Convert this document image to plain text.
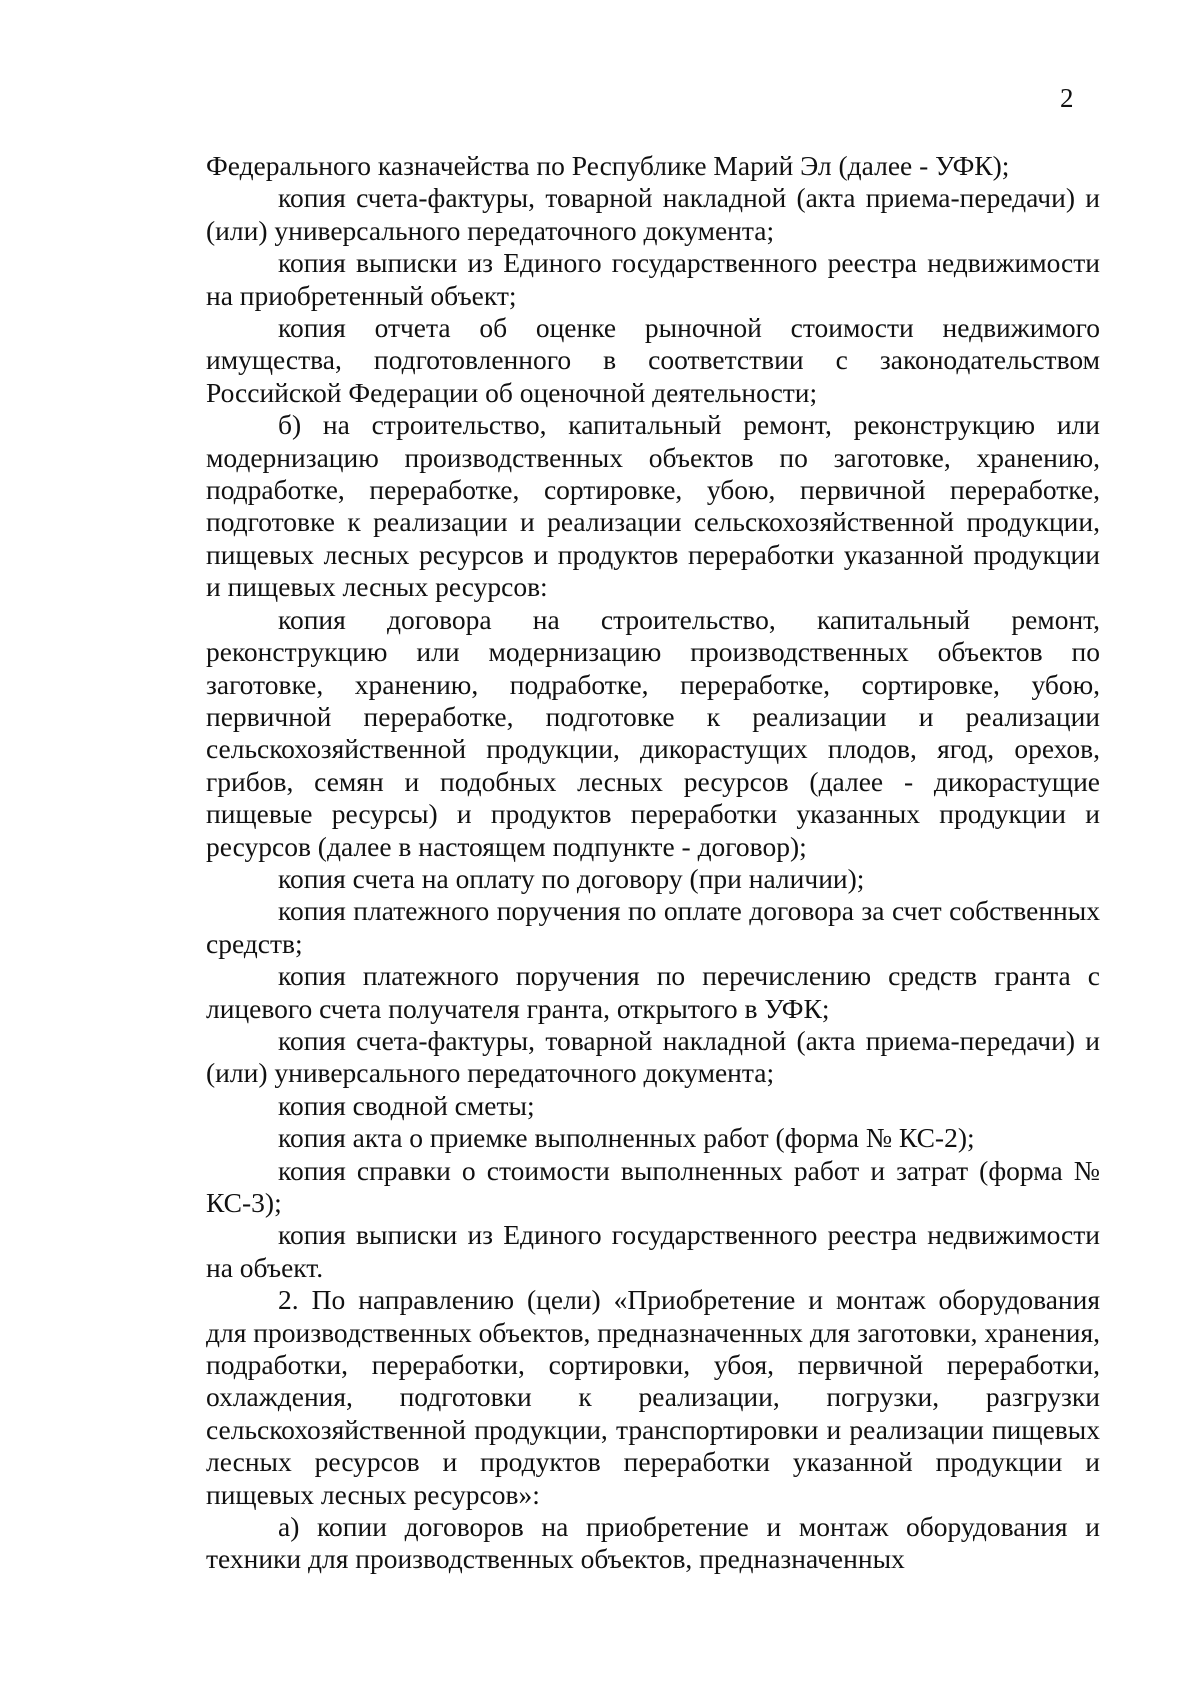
2

Федерального казначейства по Республике Марий Эл (далее - УФК);

копия счета-фактуры, товарной накладной (акта приема-передачи) и (или) универсального передаточного документа;

копия выписки из Единого государственного реестра недвижимости на приобретенный объект;

копия отчета об оценке рыночной стоимости недвижимого имущества, подготовленного в соответствии с законодательством Российской Федерации об оценочной деятельности;

б) на строительство, капитальный ремонт, реконструкцию или модернизацию производственных объектов по заготовке, хранению, подработке, переработке, сортировке, убою, первичной переработке, подготовке к реализации и реализации сельскохозяйственной продукции, пищевых лесных ресурсов и продуктов переработки указанной продукции и пищевых лесных ресурсов:

копия договора на строительство, капитальный ремонт, реконструкцию или модернизацию производственных объектов по заготовке, хранению, подработке, переработке, сортировке, убою, первичной переработке, подготовке к реализации и реализации сельскохозяйственной продукции, дикорастущих плодов, ягод, орехов, грибов, семян и подобных лесных ресурсов (далее - дикорастущие пищевые ресурсы) и продуктов переработки указанных продукции и ресурсов (далее в настоящем подпункте - договор);

копия счета на оплату по договору (при наличии);

копия платежного поручения по оплате договора за счет собственных средств;

копия платежного поручения по перечислению средств гранта с лицевого счета получателя гранта, открытого в УФК;

копия счета-фактуры, товарной накладной (акта приема-передачи) и (или) универсального передаточного документа;

копия сводной сметы;

копия акта о приемке выполненных работ (форма № КС-2);

копия справки о стоимости выполненных работ и затрат (форма № КС-3);

копия выписки из Единого государственного реестра недвижимости на объект.

2. По направлению (цели) «Приобретение и монтаж оборудования для производственных объектов, предназначенных для заготовки, хранения, подработки, переработки, сортировки, убоя, первичной переработки, охлаждения, подготовки к реализации, погрузки, разгрузки сельскохозяйственной продукции, транспортировки и реализации пищевых лесных ресурсов и продуктов переработки указанной продукции и пищевых лесных ресурсов»:

а) копии договоров на приобретение и монтаж оборудования и техники для производственных объектов, предназначенных
